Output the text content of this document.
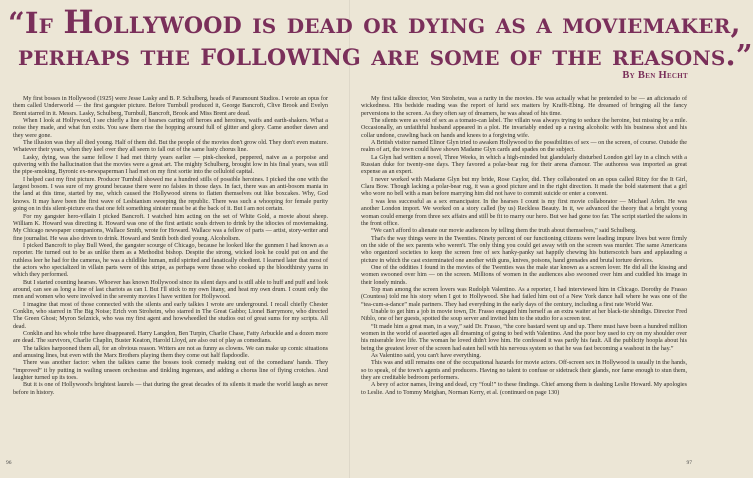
“If Hollywood is dead or dying as a moviemaker,
perhaps the following are some of the reasons.”
By Ben Hecht

My first bosses in Hollywood (1925) were Jesse Lasky and B. P. Schulberg, heads of Paramount Studios. I wrote an opus for them called Underworld — the first gangster picture. Before Turnbull produced it, George Bancroft, Clive Brook and Evelyn Brent starred in it. Messrs. Lasky, Schulberg, Turnbull, Bancroft, Brook and Miss Brent are dead.

When I look at Hollywood, I see chiefly a line of hearses carting off heroes and heroines, waifs and earth-shakers. What a noise they made, and what fun exits. You saw them rise the hopping around full of glitter and glory. Came another dawn and they were gone.

The illusion was they all died young. Half of them did. But the people of the movies don't grow old. They don't even mature. Whatever their years, when they keel over they all seem to fall out of the same lusty chorus line.

Lasky, dying, was the same fellow I had met thirty years earlier — pink-cheeked, peppered, naive as a porpoise and quivering with the hallucination that the movies were a great art. The mighty Schulberg, brought low in his final years, was still the pipe-smoking, Byronic ex-newspaperman I had met on my first sortie into the celluloid capital.

I helped cast my first picture. Producer Turnbull showed me a hundred stills of possible heroines. I picked the one with the largest bosom. I was sure of my ground because there were no falsies in those days. In fact, there was an anti-bosom mania in the land at this time, started by me, which caused the Hollywood sirens to flatten themselves out like boxcakes. Why, God knows. It may have been the first wave of Lesbianism sweeping the republic. There was such a whooping for female purity going on in this silent-picture era that one felt something sinister must be at the back of it. But I am not certain.

For my gangster hero-villain I picked Bancroft. I watched him acting on the set of White Gold, a movie about sheep. William K. Howard was directing it. Howard was one of the first artistic souls driven to drink by the idiocies of moviemaking. My Chicago newspaper companions, Wallace Smith, wrote for Howard. Wallace was a fellow of parts — artist, story-writer and fine journalist. He was also driven to drink. Howard and Smith both died young. Alcoholism.

I picked Bancroft to play Bull Weed, the gangster scourge of Chicago, because he looked like the gunmen I had known as a reporter. He turned out to be as unlike them as a Methodist bishop. Despite the strong, wicked look he could put on and the ruthless leer he had for the cameras, he was a childlike human, mild spirited and fanatically obedient. I learned later that most of the actors who specialized in villain parts were of this stripe, as perhaps were those who cooked up the bloodthirsty yarns in which they performed.

But I started counting hearses. Whoever has known Hollywood since its silent days and is still able to huff and puff and look around, can see as long a line of last chariots as can I. But I'll stick to my own litany, and heat my own drum. I count only the men and women who were involved in the seventy movies I have written for Hollywood.

I imagine that most of those connected with the silents and early talkies I wrote are underground. I recall chiefly Chester Conklin, who starred in The Big Noise; Erich von Stroheim, who starred in The Great Gabbo; Lionel Barrymore, who directed The Green Ghost; Myron Selznick, who was my first agent and howwheedled the studios out of great sums for my scripts. All dead.

Conklin and his whole tribe have disappeared. Harry Langdon, Ben Turpin, Charlie Chase, Fatty Arbuckle and a dozen more are dead. The survivors, Charlie Chaplin, Buster Keaton, Harold Lloyd, are also out of play as comedians.

The talkies harpooned them all, for an obvious reason. Writers are not as funny as clowns. We can make up comic situations and amusing lines, but even with the Marx Brothers playing them they come out half flapdoodle.

There was another factor: when the talkies came the bosses took comedy making out of the comedians' hands. They “improved” it by putting in wailing unseen orchestras and tinkling ingenues, and adding a chorus line of flying crotches. And laughter turned up its toes.

But it is one of Hollywood's brightest laurels — that during the great decades of its silents it made the world laugh as never before in history.

My first talkie director, Von Stroheim, was a rarity in the movies. He was actually what he pretended to be — an aficionado of wickedness. His bedside reading was the report of lurid sex matters by Krafft-Ebing. He dreamed of bringing all the fancy perversions to the screen. As they often say of dreamers, he was ahead of his time.

The silents were as void of sex as a tomato-can label. The villain was always trying to seduce the heroine, but missing by a mile. Occasionally, an unfaithful husband appeared in a plot. He invariably ended up a raving alcoholic with his business shot and his collar undone, crawling back on hands and knees to a forgiving wife.

A British visitor named Elinor Glyn tried to awaken Hollywood to the possibilities of sex — on the screen, of course. Outside the realm of art, the town could have shown Madame Glyn cards and spades on the subject.

La Glyn had written a novel, Three Weeks, in which a high-minded but glandularly disturbed London girl lay in a clinch with a Russian duke for twenty-one days. They favored a polar-bear rug for their arena d'amour. The authoress was imported as great expense as an expert.

I never worked with Madame Glyn but my bride, Rose Caylor, did. They collaborated on an opus called Ritzy for the It Girl, Clara Bow. Though lacking a polar-bear rug, it was a good picture and in the right direction. It made the bold statement that a girl who wore no bell with a man before marrying him did not have to commit suicide or enter a convent.

I was less successful as a sex emancipator. In the hearses I count is my first movie collaborator — Michael Arlen. He was another London import. We worked on a story called (by us) Reckless Beauty. In it, we advanced the theory that a bright young woman could emerge from three sex affairs and still be fit to marry our hero. But we had gone too far. The script startled the salons in the front office.

“We can't afford to alienate our movie audiences by telling them the truth about themselves,” said Schulberg.

That's the way things were in the Twenties. Ninety percent of our functioning citizens were leading impure lives but were firmly on the side of the sex parents who weren't. The only thing you could get away with on the screen was murder. The same Americans who organized societies to keep the screen free of sex hanky-panky sat happily chewing his butterscotch bars and applauding a picture in which the cast exterminated one another with guns, knives, poisons, hand grenades and brutal torture devices.

One of the oddities I found in the movies of the Twenties was the male star known as a screen lover. He did all the kissing and women swooned over him — on the screen. Millions of women in the audiences also swooned over him and cuddled his image in their lonely minds.

Top man among the screen lovers was Rudolph Valentino. As a reporter, I had interviewed him in Chicago. Dorothy de Frasso (Countess) told me his story when I got to Hollywood. She had failed him out of a New York dance hall where he was one of the “tea-cum-a-dance” male partners. They had everything in the early days of the century, including a first rate World War.

Unable to get him a job in movie town, Dr. Frasso engaged him herself as an extra waiter at her black-tie shindigs. Director Fred Niblo, one of her guests, spotted the soup server and invited him to the studio for a screen test.

“It made him a great man, in a way,” said Dr. Frasso, “the core bastard went up and up. There must have been a hundred million women in the world of assorted ages all dreaming of going to bed with Valentino. And the poor boy used to cry on my shoulder over his miserable love life. The woman he loved didn't love him. He confessed it was partly his fault. All the publicity hoopla about his being the greatest lover of the screen had eaten hell with his nervous system so that he was fast becoming a washout in the hay.”

As Valentino said, you can't have everything.

This was and still remains one of the occupational hazards for movie actors. Off-screen sex in Hollywood is usually in the hands, so to speak, of the town's agents and producers. Having no talent to confuse or sidetrack their glands, nor fame enough to stun them, they are creditable bedroom performers.

A bevy of actor names, living and dead, cry “foul!” to these findings. Chief among them is dashing Leslie Howard. My apologies to Leslie. And to Tommy Meighan, Norman Kerry, et al. (continued on page 130)

96	97
